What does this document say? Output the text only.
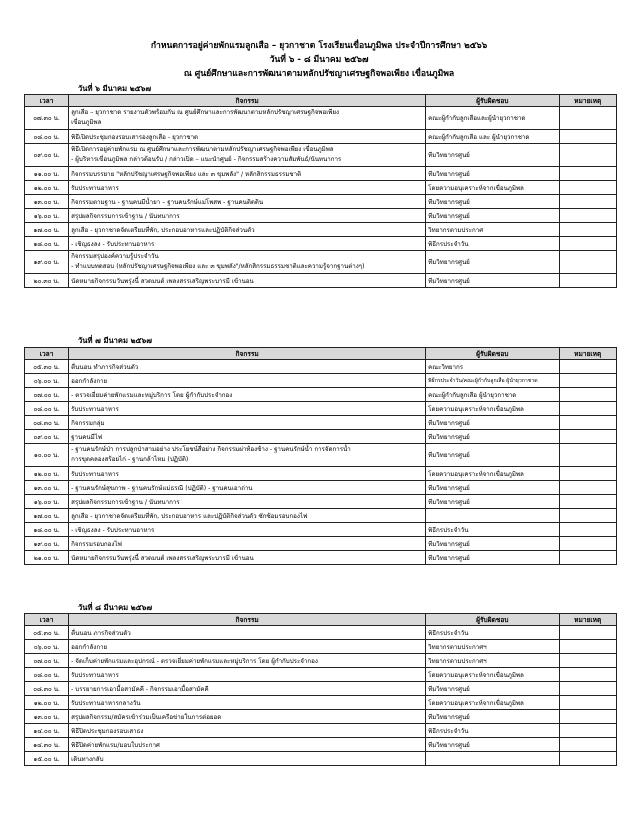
กำหนดการอยู่ค่ายพักแรมลูกเสือ – ยุวกาชาด โรงเรียนเขื่อนภูมิพล ประจำปีการศึกษา ๒๕๖๖
วันที่ ๖ - ๘ มีนาคม ๒๕๖๗
ณ ศูนย์ศึกษาและการพัฒนาตามหลักปรัชญาเศรษฐกิจพอเพียง เขื่อนภูมิพล
วันที่ ๖ มีนาคม ๒๕๖๗
เวลา	กิจกรรม	ผู้รับผิดชอบ	หมายเหตุ
๐๗.๓๐ น.	ลูกเสือ – ยุวกาชาด รายงานตัวพร้อมกัน ณ ศูนย์ศึกษาและการพัฒนาตามหลักปรัชญาเศรษฐกิจพอเพียง
เขื่อนภูมิพล	คณะผู้กำกับลูกเสือและผู้นำยุวกาชาด	
๐๘.๐๐ น.	พิธีเปิดประชุมกองรอบเสารองลูกเสือ - ยุวกาชาด	คณะผู้กำกับลูกเสือ และ ผู้นำยุวกาชาด	
๐๙.๐๐ น.	พิธีเปิดการอยู่ค่ายพักแรม ณ ศูนย์ศึกษาและการพัฒนาตามหลักปรัชญาเศรษฐกิจพอเพียง เขื่อนภูมิพล
- ผู้บริหารเขื่อนภูมิพล กล่าวต้อนรับ / กล่าวเปิด – แนะนำศูนย์ - กิจกรรมสร้างความสัมพันธ์/นันทนาการ	ทีมวิทยากรศูนย์	
๑๑.๐๐ น.	กิจกรรมบรรยาย "หลักปรัชญาเศรษฐกิจพอเพียง และ ๓ ขุมพลัง" / หลักสิกรรมธรรมชาติ	ทีมวิทยากรศูนย์	
๑๒.๐๐ น.	รับประทานอาหาร	โดยความอนุเคราะห์จากเขื่อนภูมิพล	
๑๓.๐๐ น.	กิจกรรมตามฐาน - ฐานคนมีน้ำยา – ฐานคนรักษ์แม่โพสพ - ฐานคนติดดิน	ทีมวิทยากรศูนย์	
๑๖.๐๐ น.	สรุปผลกิจกรรมการเข้าฐาน / นันทนาการ	ทีมวิทยากรศูนย์	
๑๗.๐๐ น.	ลูกเสือ - ยุวกาชาดจัดเตรียมที่พัก, ประกอบอาหารและปฏิบัติกิจส่วนตัว	วิทยากรตามประกาศ	
๑๘.๐๐ น.	- เชิญธงลง - รับประทานอาหาร	พิธีกรประจำวัน	
๑๙.๐๐ น.	กิจกรรมสรุปองค์ความรู้ประจำวัน
- ทำแบบทดสอบ (หลักปรัชญาเศรษฐกิจพอเพียง และ ๓ ขุมพลัง"/หลักสิกรรมธรรมชาติและความรู้จากฐานต่างๆ)	ทีมวิทยากรศูนย์	
๒๐.๓๐ น.	นัดหมายกิจกรรมวันพรุ่งนี้ สวดมนต์ เพลงสรรเสริญพระบารมี เข้านอน	ทีมวิทยากรศูนย์	
วันที่ ๗ มีนาคม ๒๕๖๗
เวลา	กิจกรรม	ผู้รับผิดชอบ	หมายเหตุ
๐๕.๓๐ น.	ตื่นนอน ทำภารกิจส่วนตัว	คณะวิทยากร	
๐๖.๐๐ น.	ออกกำลังกาย	พิธีกรประจำวัน/คณะผู้กำกับลูกเสือ ผู้นำยุวกาชาด	
๐๗.๐๐ น.	- ตรวจเยี่ยมค่ายพักแรมและหมู่บริการ โดย ผู้กำกับประจำกอง	คณะผู้กำกับลูกเสือ ผู้นำยุวกาชาด	
๐๘.๐๐ น.	รับประทานอาหาร	โดยความอนุเคราะห์จากเขื่อนภูมิพล	
๐๘.๓๐ น.	กิจกรรมกลุ่ม	ทีมวิทยากรศูนย์	
๐๙.๐๐ น.	ฐานคนมีไฟ	ทีมวิทยากรศูนย์	
๑๐.๐๐ น.	- ฐานคนรักษ์ป่า การปลูกป่าสามอย่าง ประโยชน์สี่อย่าง กิจกรรมผ่าท้องช้าง - ฐานคนรักษ์น้ำ การจัดการน้ำ
การขุดคลองสร้อยไก่ - ฐานกล้าไหม (ปฏิบัติ)	ทีมวิทยากรศูนย์	
๑๒.๐๐ น.	รับประทานอาหาร	โดยความอนุเคราะห์จากเขื่อนภูมิพล	
๑๓.๐๐ น.	- ฐานคนรักษ์สุขภาพ - ฐานคนรักษ์แม่ธรณี (ปฏิบัติ) - ฐานคนเอาถ่าน	ทีมวิทยากรศูนย์	
๑๖.๐๐ น.	สรุปผลกิจกรรมการเข้าฐาน / นันทนาการ	ทีมวิทยากรศูนย์	
๑๗.๐๐ น.	ลูกเสือ - ยุวกาชาดจัดเตรียมที่พัก, ประกอบอาหาร และปฏิบัติกิจส่วนตัว ซักซ้อมรอบกองไฟ		
๑๘.๐๐ น.	- เชิญธงลง - รับประทานอาหาร	พิธีกรประจำวัน	
๑๙.๐๐ น.	กิจกรรมรอบกองไฟ	ทีมวิทยากรศูนย์	
๒๑.๐๐ น.	นัดหมายกิจกรรมวันพรุ่งนี้ สวดมนต์ เพลงสรรเสริญพระบารมี เข้านอน	ทีมวิทยากรศูนย์	
วันที่ ๘ มีนาคม ๒๕๖๗
เวลา	กิจกรรม	ผู้รับผิดชอบ	หมายเหตุ
๐๕.๓๐ น.	ตื่นนอน ภารกิจส่วนตัว	พิธีกรประจำวัน	
๐๖.๐๐ น.	ออกกำลังกาย	วิทยากรตามประกาศฯ	
๐๗.๐๐ น.	- จัดเก็บค่ายพักแรมและอุปกรณ์ - ตรวจเยี่ยมค่ายพักแรมและหมู่บริการ โดย ผู้กำกับประจำกอง	วิทยากรตามประกาศฯ	
๐๘.๐๐ น.	รับประทานอาหาร	โดยความอนุเคราะห์จากเขื่อนภูมิพล	
๐๘.๓๐ น.	- บรรยายการเอามื้อสามัคคี - กิจกรรมเอามื้อสามัคคี	ทีมวิทยากรศูนย์	
๑๒.๐๐ น.	รับประทานอาหารกลางวัน	โดยความอนุเคราะห์จากเขื่อนภูมิพล	
๑๓.๐๐ น.	สรุปผลกิจกรรม/สมัครเข้าร่วมเป็นเครือข่ายในการต่อยอด	ทีมวิทยากรศูนย์	
๑๔.๐๐ น.	พิธีปิดประชุมกองรอบเสาธง	พิธีกรประจำวัน	
๑๔.๓๐ น.	พิธีปิดค่ายพักแรม/มอบใบประกาศ	ทีมวิทยากรศูนย์	
๑๕.๐๐ น.	เดินทางกลับ		
